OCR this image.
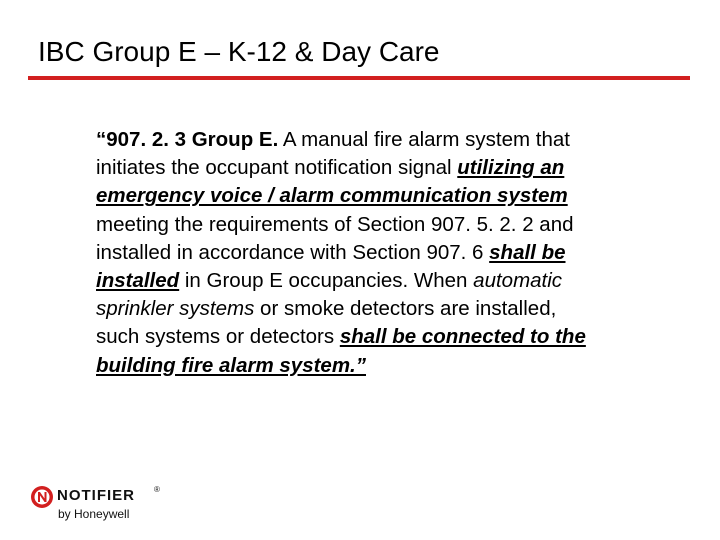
IBC Group E – K-12 & Day Care
“907. 2. 3 Group E. A manual fire alarm system that
initiates the occupant notification signal utilizing an
emergency voice / alarm communication system
meeting the requirements of Section 907. 5. 2. 2 and
installed in accordance with Section 907. 6 shall be
installed in Group E occupancies. When automatic
sprinkler systems or smoke detectors are installed,
such systems or detectors shall be connected to the
building fire alarm system.”
NOTIFIER ®
by Honeywell
